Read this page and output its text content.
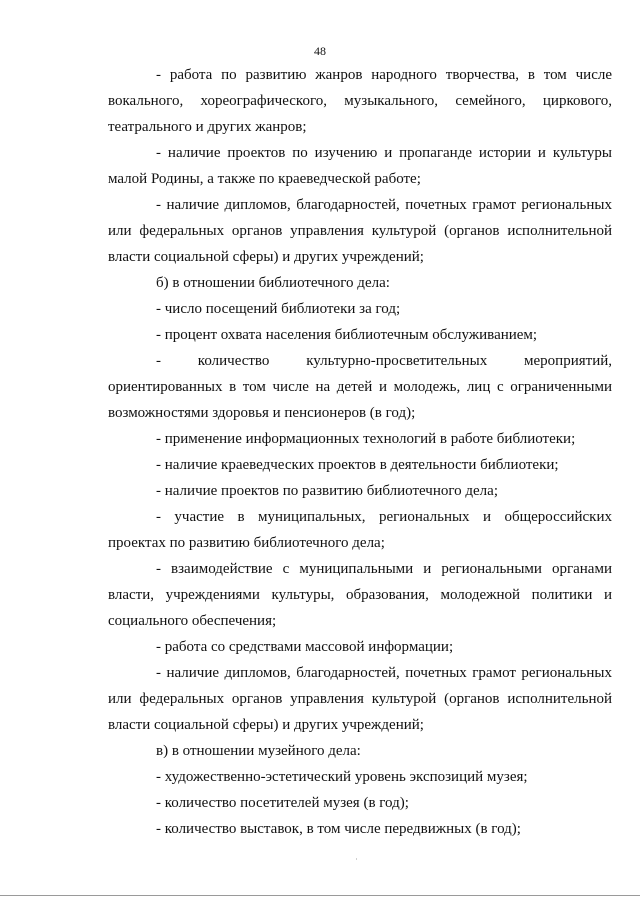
48

- работа по развитию жанров народного творчества, в том числе вокального, хореографического, музыкального, семейного, циркового, театрального и других жанров;

- наличие проектов по изучению и пропаганде истории и культуры малой Родины, а также по краеведческой работе;

- наличие дипломов, благодарностей, почетных грамот региональных или федеральных органов управления культурой (органов исполнительной власти социальной сферы) и других учреждений;

б) в отношении библиотечного дела:

- число посещений библиотеки за год;

- процент охвата населения библиотечным обслуживанием;

- количество культурно-просветительных мероприятий, ориентированных в том числе на детей и молодежь, лиц с ограниченными возможностями здоровья и пенсионеров (в год);

- применение информационных технологий в работе библиотеки;

- наличие краеведческих проектов в деятельности библиотеки;

- наличие проектов по развитию библиотечного дела;

- участие в муниципальных, региональных и общероссийских проектах по развитию библиотечного дела;

- взаимодействие с муниципальными и региональными органами власти, учреждениями культуры, образования, молодежной политики и социального обеспечения;

- работа со средствами массовой информации;

- наличие дипломов, благодарностей, почетных грамот региональных или федеральных органов управления культурой (органов исполнительной власти социальной сферы) и других учреждений;

в) в отношении музейного дела:

- художественно-эстетический уровень экспозиций музея;

- количество посетителей музея (в год);

- количество выставок, в том числе передвижных (в год);
